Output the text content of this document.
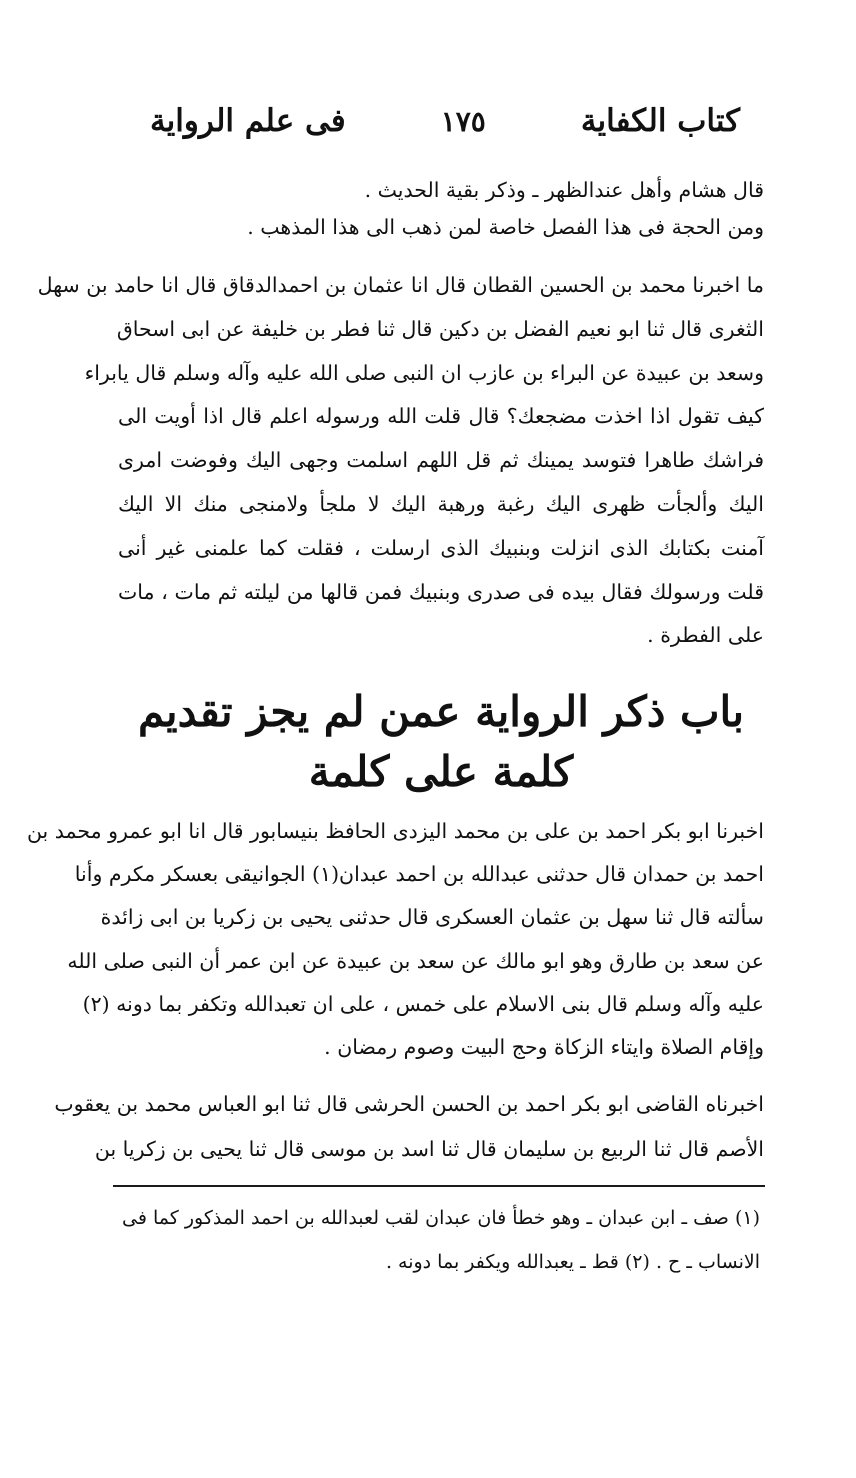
كتاب الكفاية
١٧٥
فى علم الرواية
قال هشام وأهل عندالظهر ـ وذكر بقية الحديث .
ومن الحجة فى هذا الفصل خاصة لمن ذهب الى هذا المذهب .
ما اخبرنا محمد بن الحسين القطان قال انا عثمان بن احمدالدقاق قال انا حامد بن سهل
الثغرى قال ثنا ابو نعيم الفضل بن دكين قال ثنا فطر بن خليفة عن ابى اسحاق
وسعد بن عبيدة عن البراء بن عازب ان النبى صلى الله عليه وآله وسلم قال يابراء
كيف تقول اذا اخذت مضجعك؟ قال قلت الله ورسوله اعلم قال اذا أويت الى
فراشك طاهرا فتوسد يمينك ثم قل اللهم اسلمت وجهى اليك وفوضت امرى
اليك وألجأت ظهرى اليك رغبة ورهبة اليك لا ملجأ ولامنجى منك الا اليك
آمنت بكتابك الذى انزلت وبنبيك الذى ارسلت ، فقلت كما علمنى غير أنى
قلت ورسولك فقال بيده فى صدرى وبنبيك فمن قالها من ليلته ثم مات ، مات
على الفطرة .
باب ذكر الرواية عمن لم يجز تقديم
كلمة على كلمة
اخبرنا ابو بكر احمد بن على بن محمد اليزدى الحافظ بنيسابور قال انا ابو عمرو محمد بن
احمد بن حمدان قال حدثنى عبدالله بن احمد عبدان(١) الجوانيقى بعسكر مكرم وأنا
سألته قال ثنا سهل بن عثمان العسكرى قال حدثنى يحيى بن زكريا بن ابى زائدة
عن سعد بن طارق وهو ابو مالك عن سعد بن عبيدة عن ابن عمر أن النبى صلى الله
عليه وآله وسلم قال بنى الاسلام على خمس ، على ان تعبدالله وتكفر بما دونه (٢)
وإقام الصلاة وايتاء الزكاة وحج البيت وصوم رمضان .
اخبرناه القاضى ابو بكر احمد بن الحسن الحرشى قال ثنا ابو العباس محمد بن يعقوب
الأصم قال ثنا الربيع بن سليمان قال ثنا اسد بن موسى قال ثنا يحيى بن زكريا بن
(١) صف ـ ابن عبدان ـ وهو خطأ فان عبدان لقب لعبدالله بن احمد المذكور كما فى
الانساب ـ ح . (٢) قط ـ يعبدالله ويكفر بما دونه .
